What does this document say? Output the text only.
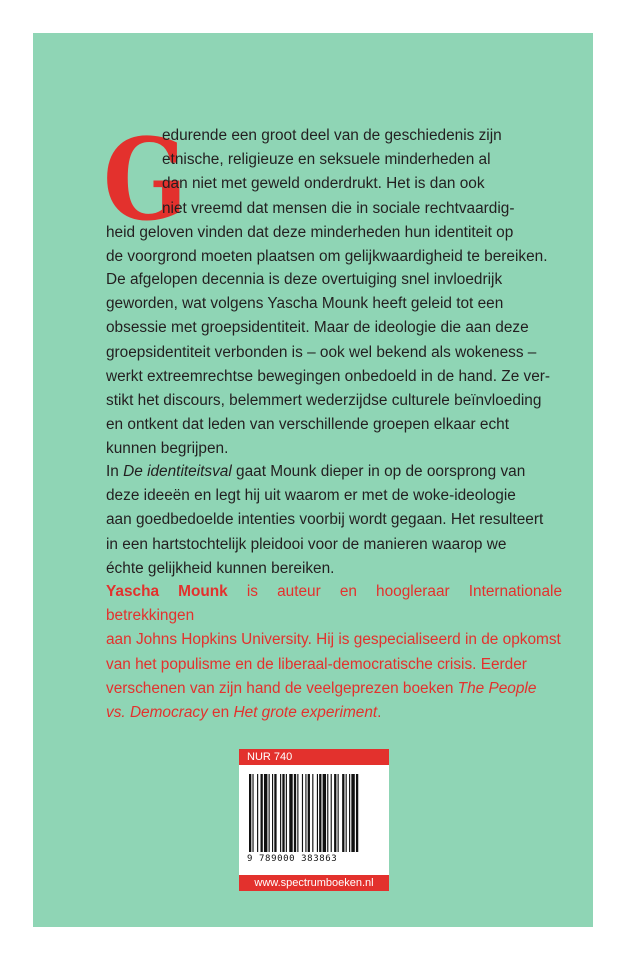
G
edurende een groot deel van de geschiedenis zijn
etnische, religieuze en seksuele minderheden al
dan niet met geweld onderdrukt. Het is dan ook
niet vreemd dat mensen die in sociale rechtvaardig-
heid geloven vinden dat deze minderheden hun identiteit op
de voorgrond moeten plaatsen om gelijkwaardigheid te bereiken.
De afgelopen decennia is deze overtuiging snel invloedrijk
geworden, wat volgens Yascha Mounk heeft geleid tot een
obsessie met groepsidentiteit. Maar de ideologie die aan deze
groepsidentiteit verbonden is – ook wel bekend als wokeness –
werkt extreemrechtse bewegingen onbedoeld in de hand. Ze ver-
stikt het discours, belemmert wederzijdse culturele beïnvloeding
en ontkent dat leden van verschillende groepen elkaar echt
kunnen begrijpen.
In De identiteitsval gaat Mounk dieper in op de oorsprong van
deze ideeën en legt hij uit waarom er met de woke-ideologie
aan goedbedoelde intenties voorbij wordt gegaan. Het resulteert
in een hartstochtelijk pleidooi voor de manieren waarop we
échte gelijkheid kunnen bereiken.
Yascha Mounk is auteur en hoogleraar Internationale betrekkingen
aan Johns Hopkins University. Hij is gespecialiseerd in de opkomst
van het populisme en de liberaal-democratische crisis. Eerder
verschenen van zijn hand de veelgeprezen boeken The People
vs. Democracy en Het grote experiment.
NUR 740
9 789000 383863
www.spectrumboeken.nl
